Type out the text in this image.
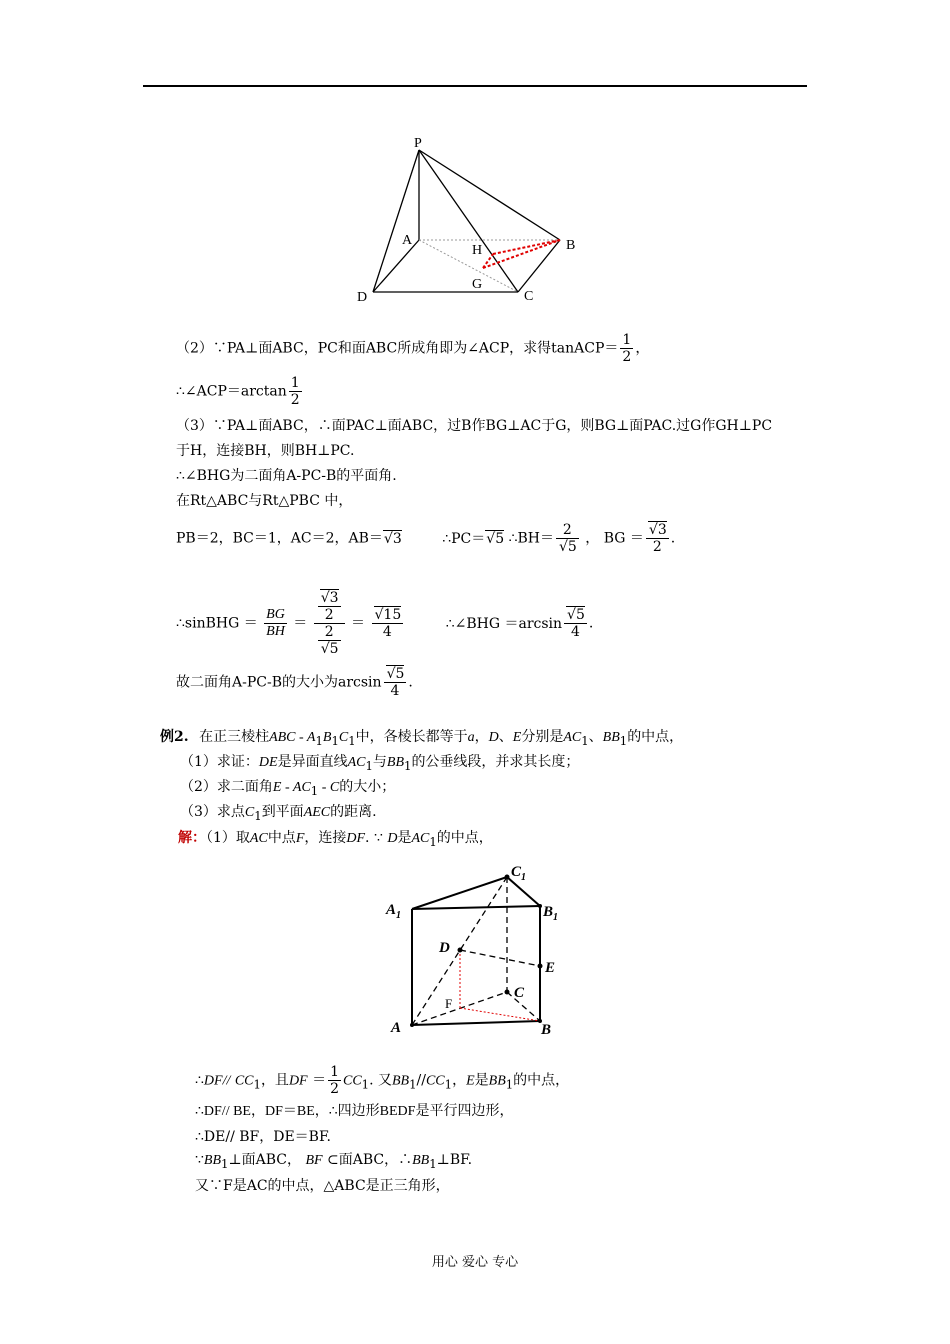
P
A
H	B
D
G
C
（2）∵PA⊥面ABC，PC和面ABC所成角即为∠ACP，求得tanACP＝ $\frac{1}{2}$ ，
∴∠ACP＝arctan $\frac{1}{2}$
（3）∵PA⊥面ABC，∴面PAC⊥面ABC，过B作BG⊥AC于G，则BG⊥面PAC.过G作GH⊥PC
于H，连接BH，则BH⊥PC.
∴∠BHG为二面角A-PC-B的平面角.
在Rt△ABC与Rt△PBC 中，
PB＝2，BC＝1，AC＝2，AB＝ √ 3	∴PC＝ √ 5 ∴BH＝ 2
√ 5 ， BG ＝ √ $\frac{3}{2}$ .
∴sinBHG ＝ $\frac{BG}{BH}$ ＝ √ $\frac{3}{2}$
2
√ 5 ＝ √ $\frac{15}{4}$	∴∠BHG ＝arcsin √ $\frac{5}{4}$ .
故二面角A-PC-B的大小为arcsin √ $\frac{5}{4}$ .
例2. 在正三棱柱ABC - $A_1B_1C_1$中，各棱长都等于a，D、E分别是$AC_1$、$BB_1$的中点，
（1）求证：DE是异面直线$AC_1$与$BB_1$的公垂线段，并求其长度；
（2）求二面角E - $AC_1$ - C的大小；
（3）求点$C_1$到平面AEC的距离.
解：（1）取AC中点F，连接DF. ∵ D是$AC_1$的中点，
$C_1$
$A_1$	$B_1$
D
E
C
A	B
F
∴DF// $CC_1$，且DF ＝ $\frac{1}{2} CC_1$. 又$BB_1//CC_1$，E是$BB_1$的中点，
∴DF// BE，DF＝BE，∴四边形BEDF是平行四边形，
∴DE// BF，DE＝BF.
$\because BB_1\perp$面ABC， BF ⊂面ABC，$\therefore BB_1\perp BF$.
又∵F是AC的中点，△ABC是正三角形，
用心 爱心 专心
